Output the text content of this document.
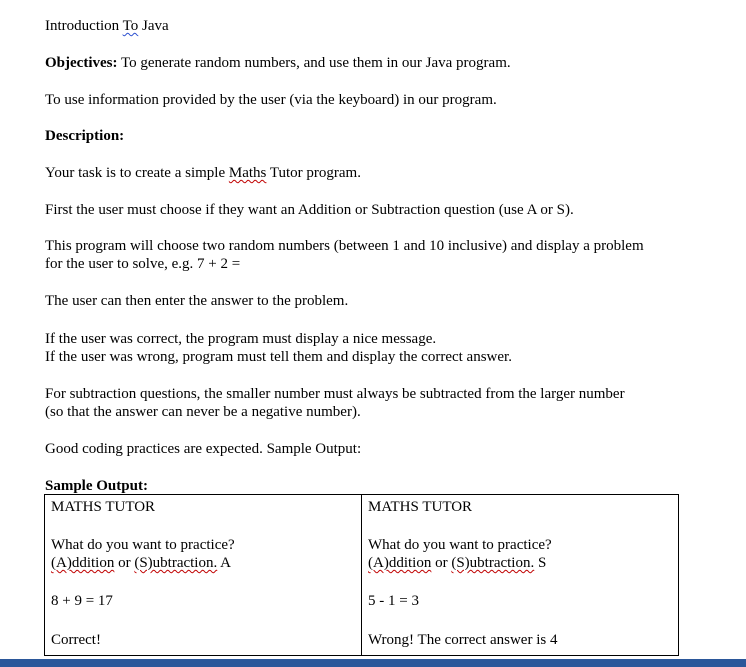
Introduction To Java
Objectives: To generate random numbers, and use them in our Java program.
To use information provided by the user (via the keyboard) in our program.
Description:
Your task is to create a simple Maths Tutor program.
First the user must choose if they want an Addition or Subtraction question (use A or S).
This program will choose two random numbers (between 1 and 10 inclusive) and display a problem
for the user to solve, e.g. 7 + 2 =
The user can then enter the answer to the problem.
If the user was correct, the program must display a nice message.
If the user was wrong, program must tell them and display the correct answer.
For subtraction questions, the smaller number must always be subtracted from the larger number
(so that the answer can never be a negative number).
Good coding practices are expected. Sample Output:
Sample Output:
MATHS TUTOR
What do you want to practice?
(A)ddition or (S)ubtraction. A
8 + 9 = 17
Correct!

MATHS TUTOR
What do you want to practice?
(A)ddition or (S)ubtraction. S
5 - 1 = 3
Wrong! The correct answer is 4
